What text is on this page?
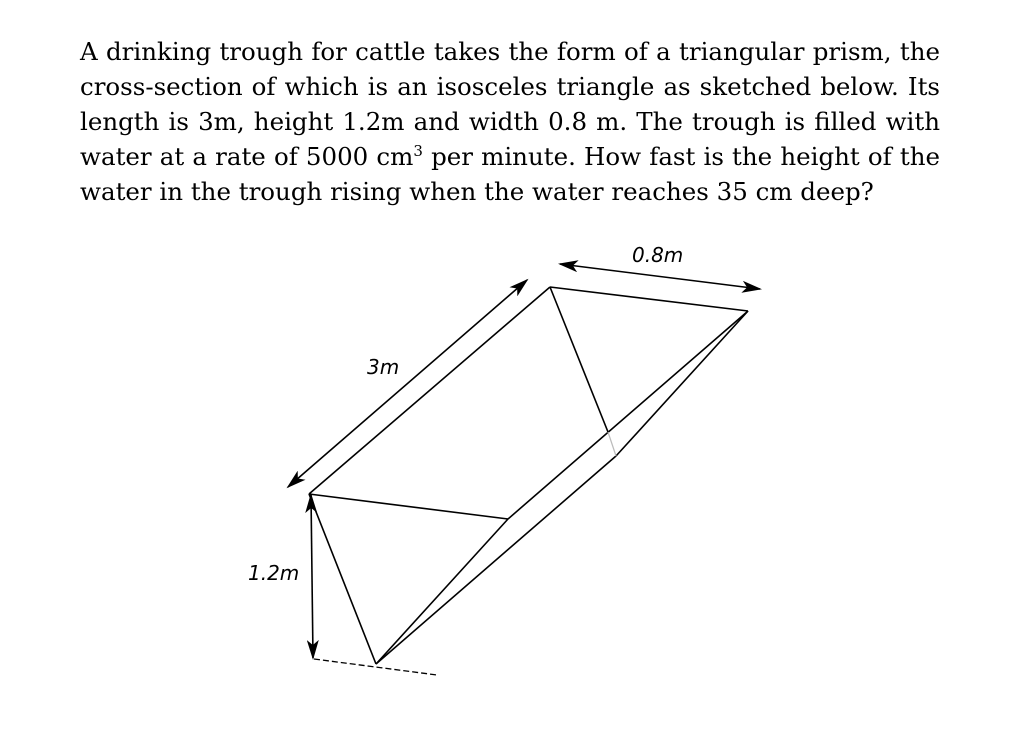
A drinking trough for cattle takes the form of a triangular prism, the
cross-section of which is an isosceles triangle as sketched below. Its
length is 3m, height 1.2m and width 0.8 m. The trough is filled with
water at a rate of 5000 $cm^3$ per minute. How fast is the height of the
water in the trough rising when the water reaches 35 cm deep?

0.8m
3m
1.2m
